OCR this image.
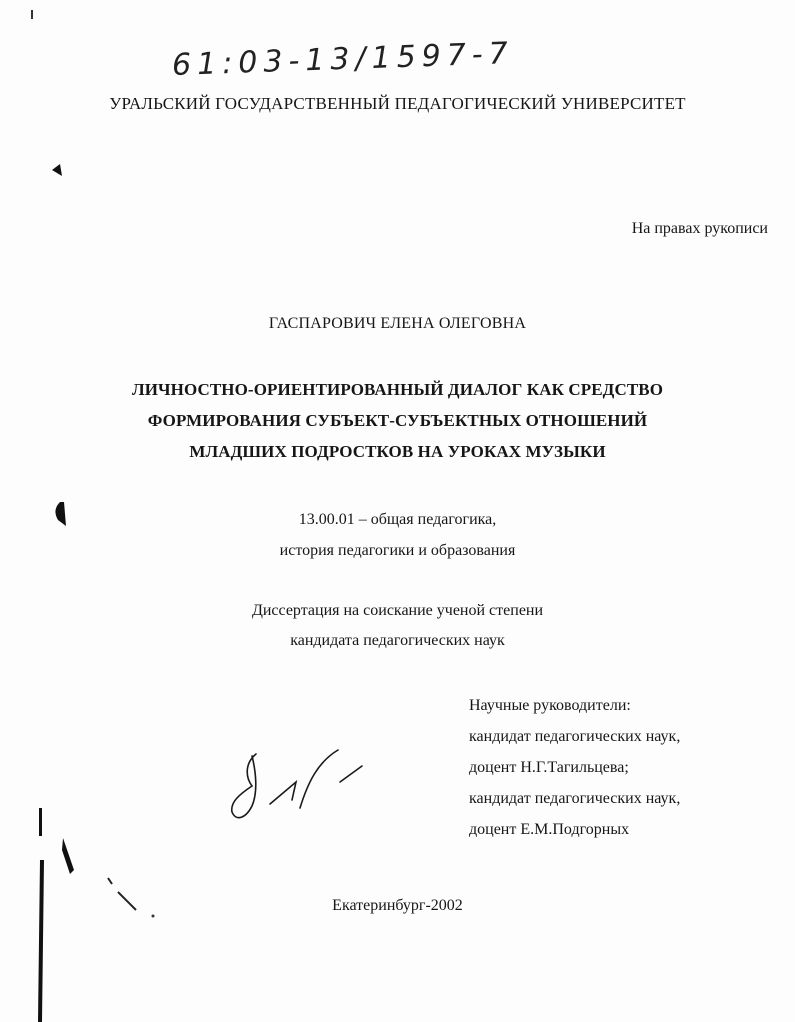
61:03-13/1597-7
УРАЛЬСКИЙ ГОСУДАРСТВЕННЫЙ ПЕДАГОГИЧЕСКИЙ УНИВЕРСИТЕТ
На правах рукописи
ГАСПАРОВИЧ ЕЛЕНА ОЛЕГОВНА
ЛИЧНОСТНО-ОРИЕНТИРОВАННЫЙ ДИАЛОГ КАК СРЕДСТВО
ФОРМИРОВАНИЯ СУБЪЕКТ-СУБЪЕКТНЫХ ОТНОШЕНИЙ
МЛАДШИХ ПОДРОСТКОВ НА УРОКАХ МУЗЫКИ
13.00.01 – общая педагогика,
история педагогики и образования
Диссертация на соискание ученой степени
кандидата педагогических наук
Научные руководители:
кандидат педагогических наук,
доцент Н.Г.Тагильцева;
кандидат педагогических наук,
доцент Е.М.Подгорных
Екатеринбург-2002
